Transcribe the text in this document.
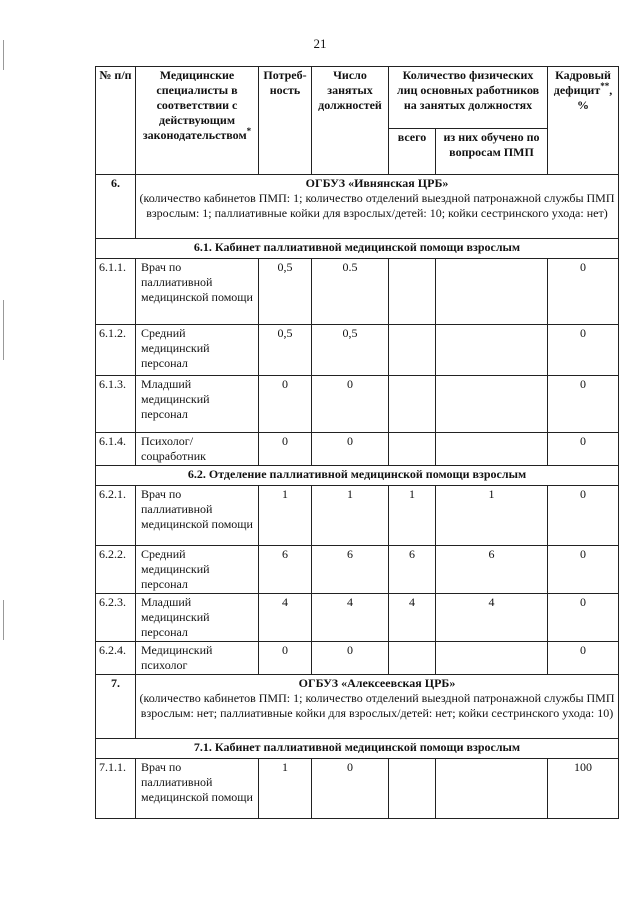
21
№ п/п	Медицинские специалисты в соответствии с действующим законодательством*	Потреб-ность	Число занятых должностей	Количество физических лиц основных работников на занятых должностях		Кадровый дефицит**, %
				всего	из них обучено по вопросам ПМП	
6.	ОГБУЗ «Ивнянская ЦРБ»
(количество кабинетов ПМП: 1; количество отделений выездной патронажной службы ПМП взрослым: 1; паллиативные койки для взрослых/детей: 10; койки сестринского ухода: нет)					

6.1. Кабинет паллиативной медицинской помощи взрослым						
6.1.1.	Врач по паллиативной медицинской помощи	0,5	0.5			0
6.1.2.	Средний медицинский персонал	0,5	0,5			0
6.1.3.	Младший медицинский персонал	0	0			0
6.1.4.	Психолог/ соцработник	0	0			0
6.2. Отделение паллиативной медицинской помощи взрослым						
6.2.1.	Врач по паллиативной медицинской помощи	1	1	1	1	0
6.2.2.	Средний медицинский персонал	6	6	6	6	0
6.2.3.	Младший медицинский персонал	4	4	4	4	0
6.2.4.	Медицинский психолог	0	0			0
7.	ОГБУЗ «Алексеевская ЦРБ»
(количество кабинетов ПМП: 1; количество отделений выездной патронажной службы ПМП взрослым: нет; паллиативные койки для взрослых/детей: нет; койки сестринского ухода: 10)					

7.1. Кабинет паллиативной медицинской помощи взрослым						
7.1.1.	Врач по паллиативной медицинской помощи	1	0			100
